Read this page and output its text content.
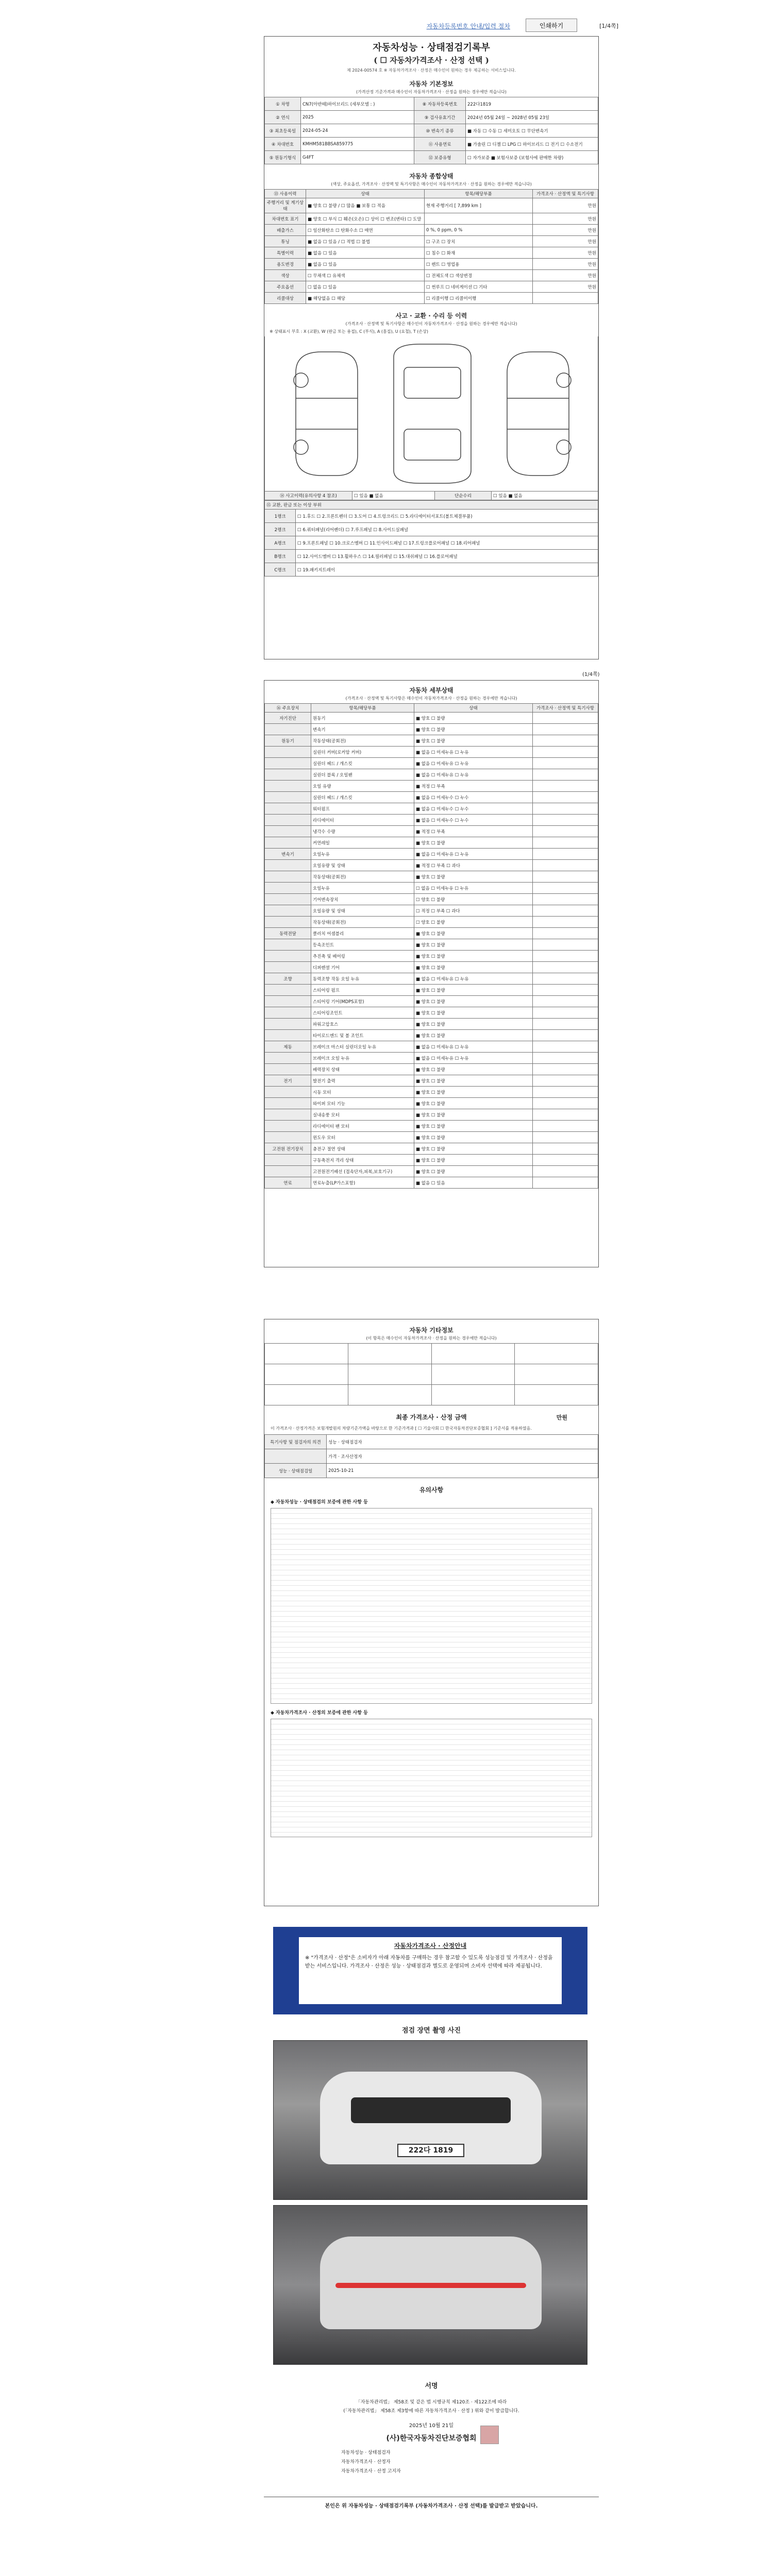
자동차등록번호 안내/입력 절차	인쇄하기	[1/4쪽]
자동차성능 · 상태점검기록부
( ☐ 자동차가격조사 · 산정 선택 )
제 2024-00574 호 ※ 자동차가격조사 · 산정은 매수인이 원하는 경우 제공하는 서비스입니다.
자동차 기본정보
(가격산정 기준가격과 매수인이 자동차가격조사 · 산정을 원하는 경우에만 적습니다)
① 차명	CN7(아반떼)하이브리드 (세부모델 : )	⑧ 자동차등록번호	222다1819
② 연식	2025	⑨ 검사유효기간	2024년 05월 24일 ~ 2028년 05월 23일
③ 최초등록일	2024-05-24	⑩ 변속기 종류	■ 자동 ☐ 수동 ☐ 세미오토 ☐ 무단변속기
④ 차대번호	KMHM581BBSA859775	⑪ 사용연료	■ 가솔린 ☐ 디젤 ☐ LPG ☐ 하이브리드 ☐ 전기 ☐ 수소전기
⑤ 원동기형식	G4FT	⑫ 보증유형	☐ 자가보증 ■ 보험사보증 (보험사에 판매한 차량)
자동차 종합상태
(색상, 주요옵션, 가격조사 · 산정액 및 특기사항은 매수인이 자동차가격조사 · 산정을 원하는 경우에만 적습니다)
⑬ 사용이력	상태	항목/해당부품	가격조사 · 산정액 및 특기사항
주행거리 및 계기상태	■ 양호 ☐ 불량 / ☐ 많음 ■ 보통 ☐ 적음	현재 주행거리 [ 7,899 km ]	만원
차대번호 표기	■ 양호 ☐ 부식 ☐ 훼손(오손) ☐ 상이 ☐ 변조(변타) ☐ 도말		만원
배출가스	☐ 일산화탄소 ☐ 탄화수소 ☐ 매연	0 %, 0 ppm, 0 %	만원
튜닝	■ 없음 ☐ 있음 / ☐ 적법 ☐ 불법	☐ 구조 ☐ 장치	만원
특별이력	■ 없음 ☐ 있음	☐ 침수 ☐ 화재	만원
용도변경	■ 없음 ☐ 있음	☐ 렌트 ☐ 영업용	만원
색상	☐ 무채색 ☐ 유채색	☐ 전체도색 ☐ 색상변경	만원
주요옵션	☐ 없음 ☐ 있음	☐ 썬루프 ☐ 네비게이션 ☐ 기타	만원
리콜대상	■ 해당없음 ☐ 해당	☐ 리콜이행 ☐ 리콜미이행	
사고 · 교환 · 수리 등 이력
(가격조사 · 산정액 및 특기사항은 매수인이 자동차가격조사 · 산정을 원하는 경우에만 적습니다)
※ 상태표시 부호 : X (교환), W (판금 또는 용접), C (부식), A (흠집), U (요철), T (손상)
⑭ 사고이력(유의사항 4 참조)	☐ 있음 ■ 없음	단순수리	☐ 있음 ■ 없음
⑮ 교환, 판금 또는 이상 부위	
1랭크	☐ 1.후드 ☐ 2.프론트펜더 ☐ 3.도어 ☐ 4.트렁크리드 ☐ 5.라디에이터서포트(볼트체결부품)
2랭크	☐ 6.쿼터패널(리어펜더) ☐ 7.루프패널 ☐ 8.사이드실패널
A랭크	☐ 9.프론트패널 ☐ 10.크로스멤버 ☐ 11.인사이드패널 ☐ 17.트렁크플로어패널 ☐ 18.리어패널
B랭크	☐ 12.사이드멤버 ☐ 13.휠하우스 ☐ 14.필러패널 ☐ 15.대쉬패널 ☐ 16.플로어패널
C랭크	☐ 19.패키지트레이
(1/4쪽)
자동차 세부상태
(가격조사 · 산정액 및 특기사항은 매수인이 자동차가격조사 · 산정을 원하는 경우에만 적습니다)
⑯ 주요장치	항목/해당부품	상태	가격조사 · 산정액 및 특기사항
자기진단	원동기	■ 양호 ☐ 불량	
	변속기	■ 양호 ☐ 불량	
원동기	작동상태(공회전)	■ 양호 ☐ 불량	
	실린더 커버(로커암 커버)	■ 없음 ☐ 미세누유 ☐ 누유	
	실린더 헤드 / 개스킷	■ 없음 ☐ 미세누유 ☐ 누유	
	실린더 블록 / 오일팬	■ 없음 ☐ 미세누유 ☐ 누유	
	오일 유량	■ 적정 ☐ 부족	
	실린더 헤드 / 개스킷	■ 없음 ☐ 미세누수 ☐ 누수	
	워터펌프	■ 없음 ☐ 미세누수 ☐ 누수	
	라디에이터	■ 없음 ☐ 미세누수 ☐ 누수	
	냉각수 수량	■ 적정 ☐ 부족	
	커먼레일	■ 양호 ☐ 불량	
변속기	오일누유	■ 없음 ☐ 미세누유 ☐ 누유	
	오일유량 및 상태	■ 적정 ☐ 부족 ☐ 과다	
	작동상태(공회전)	■ 양호 ☐ 불량	
	오일누유	☐ 없음 ☐ 미세누유 ☐ 누유	
	기어변속장치	☐ 양호 ☐ 불량	
	오일유량 및 상태	☐ 적정 ☐ 부족 ☐ 과다	
	작동상태(공회전)	☐ 양호 ☐ 불량	
동력전달	클러치 어셈블리	■ 양호 ☐ 불량	
	등속조인트	■ 양호 ☐ 불량	
	추진축 및 베어링	■ 양호 ☐ 불량	
	디퍼렌셜 기어	■ 양호 ☐ 불량	
조향	동력조향 작동 오일 누유	■ 없음 ☐ 미세누유 ☐ 누유	
	스티어링 펌프	■ 양호 ☐ 불량	
	스티어링 기어(MDPS포함)	■ 양호 ☐ 불량	
	스티어링조인트	■ 양호 ☐ 불량	
	파워고압호스	■ 양호 ☐ 불량	
	타이로드엔드 및 볼 조인트	■ 양호 ☐ 불량	
제동	브레이크 마스터 실린더오일 누유	■ 없음 ☐ 미세누유 ☐ 누유	
	브레이크 오일 누유	■ 없음 ☐ 미세누유 ☐ 누유	
	배력장치 상태	■ 양호 ☐ 불량	
전기	발전기 출력	■ 양호 ☐ 불량	
	시동 모터	■ 양호 ☐ 불량	
	와이퍼 모터 기능	■ 양호 ☐ 불량	
	실내송풍 모터	■ 양호 ☐ 불량	
	라디에이터 팬 모터	■ 양호 ☐ 불량	
	윈도우 모터	■ 양호 ☐ 불량	
고전원 전기장치	충전구 절연 상태	■ 양호 ☐ 불량	
	구동축전지 격리 상태	■ 양호 ☐ 불량	
	고전원전기배선 (접속단자,피복,보호기구)	■ 양호 ☐ 불량	
연료	연료누출(LP가스포함)	■ 없음 ☐ 있음	
자동차 기타정보
(이 항목은 매수인이 자동차가격조사 · 산정을 원하는 경우에만 적습니다)

최종 가격조사 · 산정 금액	만원
이 가격조사 · 산정가격은 보험개발원의 차량기준가액을 바탕으로 한 기준가격과 [ ☐ 기술사회 ☐ 한국자동차진단보증협회 ] 기준서를 적용하였음.
특기사항 및 점검자의 의견	성능 · 상태점검자
	가격 · 조사산정자
성능 · 상태점검일	2025-10-21
유의사항
◆ 자동차성능 · 상태점검의 보증에 관한 사항 등
◆ 자동차가격조사 · 산정의 보증에 관한 사항 등
자동차가격조사 · 산정안내
※ "가격조사 · 산정"은 소비자가 아래 자동차를 구매하는 경우 참고할 수 있도록 성능점검 및 가격조사 · 산정을 받는 서비스입니다. 가격조사 · 산정은 성능 · 상태점검과 별도로 운영되며 소비자 선택에 따라 제공됩니다.
점검 장면 촬영 사진
222다 1819
서명
「자동차관리법」 제58조 및 같은 법 시행규칙 제120조 · 제122조에 따라
(「자동차관리법」 제58조 제3항에 따른 자동차가격조사 · 산정 ) 위와 같이 발급합니다.
2025년 10월 21일
(사)한국자동차진단보증협회
자동차성능 · 상태점검자
자동차가격조사 · 산정자
자동차가격조사 · 산정 고지자
본인은 위 자동차성능 · 상태점검기록부 (자동차가격조사 · 산정 선택)를 발급받고 받았습니다.
